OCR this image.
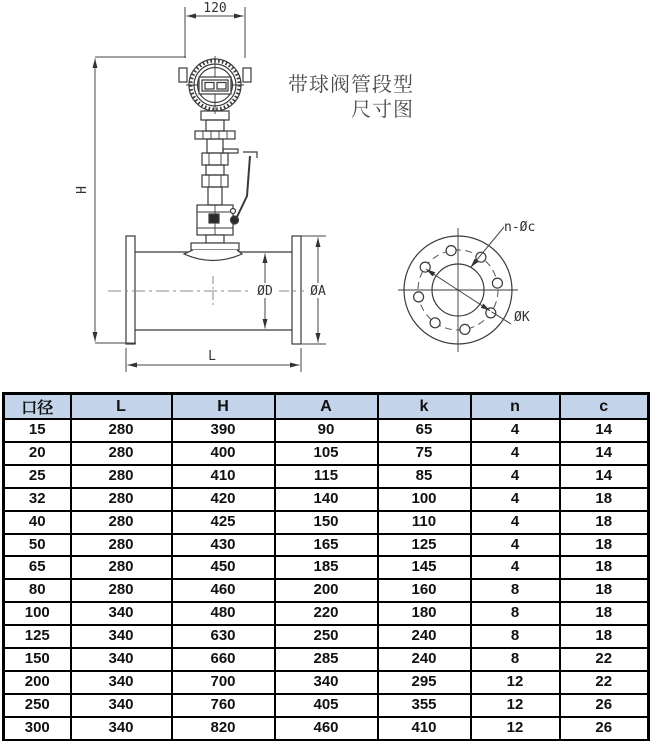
120
H
ØD	ØA
L
n-Øc
ØK
带球阀管段型
尺寸图
口径	L	H	A	k	n	c
15	280	390	90	65	4	14
20	280	400	105	75	4	14
25	280	410	115	85	4	14
32	280	420	140	100	4	18
40	280	425	150	110	4	18
50	280	430	165	125	4	18
65	280	450	185	145	4	18
80	280	460	200	160	8	18
100	340	480	220	180	8	18
125	340	630	250	240	8	18
150	340	660	285	240	8	22
200	340	700	340	295	12	22
250	340	760	405	355	12	26
300	340	820	460	410	12	26
